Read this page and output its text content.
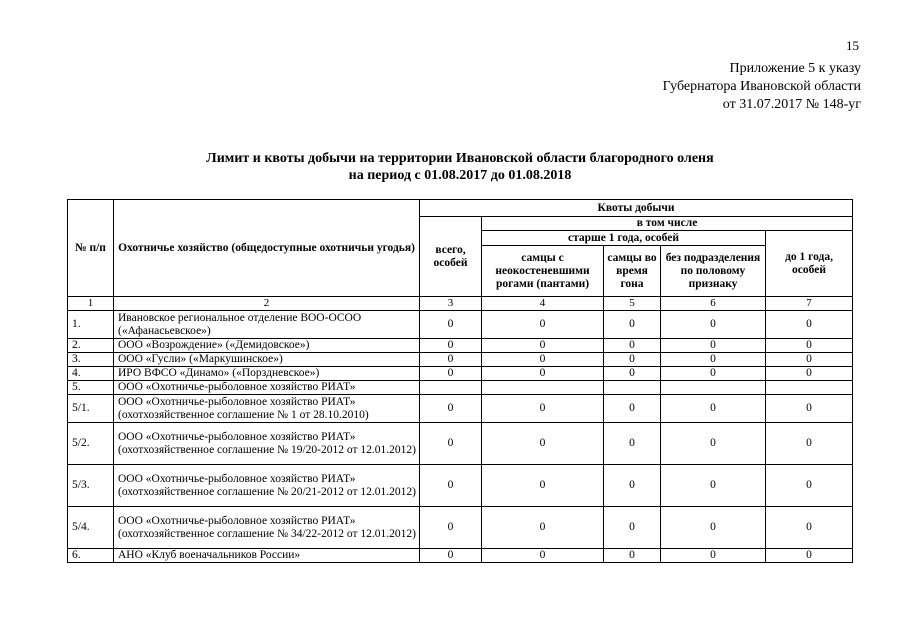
15
Приложение 5 к указу
Губернатора Ивановской области
от 31.07.2017 № 148-уг
Лимит и квоты добычи на территории Ивановской области благородного оленя
на период с 01.08.2017 до 01.08.2018
№ п/п	Охотничье хозяйство (общедоступные охотничьи угодья)	Квоты добычи				
		всего, особей	в том числе			
			старше 1 года, особей			до 1 года, особей
			самцы с неокостеневшими рогами (пантами)	самцы во время гона	без подразделения по половому признаку	
1	2	3	4	5	6	7
1.	Ивановское региональное отделение ВОО-ОСОО («Афанасьевское»)	0	0	0	0	0
2.	ООО «Возрождение» («Демидовское»)	0	0	0	0	0
3.	ООО «Гусли» («Маркушинское»)	0	0	0	0	0
4.	ИРО ВФСО «Динамо» («Порздневское»)	0	0	0	0	0
5.	ООО «Охотничье-рыболовное хозяйство РИАТ»					
5/1.	ООО «Охотничье-рыболовное хозяйство РИАТ» (охотхозяйственное соглашение № 1 от 28.10.2010)	0	0	0	0	0
5/2.	ООО «Охотничье-рыболовное хозяйство РИАТ» (охотхозяйственное соглашение № 19/20-2012 от 12.01.2012)	0	0	0	0	0
5/3.	ООО «Охотничье-рыболовное хозяйство РИАТ» (охотхозяйственное соглашение № 20/21-2012 от 12.01.2012)	0	0	0	0	0
5/4.	ООО «Охотничье-рыболовное хозяйство РИАТ» (охотхозяйственное соглашение № 34/22-2012 от 12.01.2012)	0	0	0	0	0
6.	АНО «Клуб военачальников России»	0	0	0	0	0
